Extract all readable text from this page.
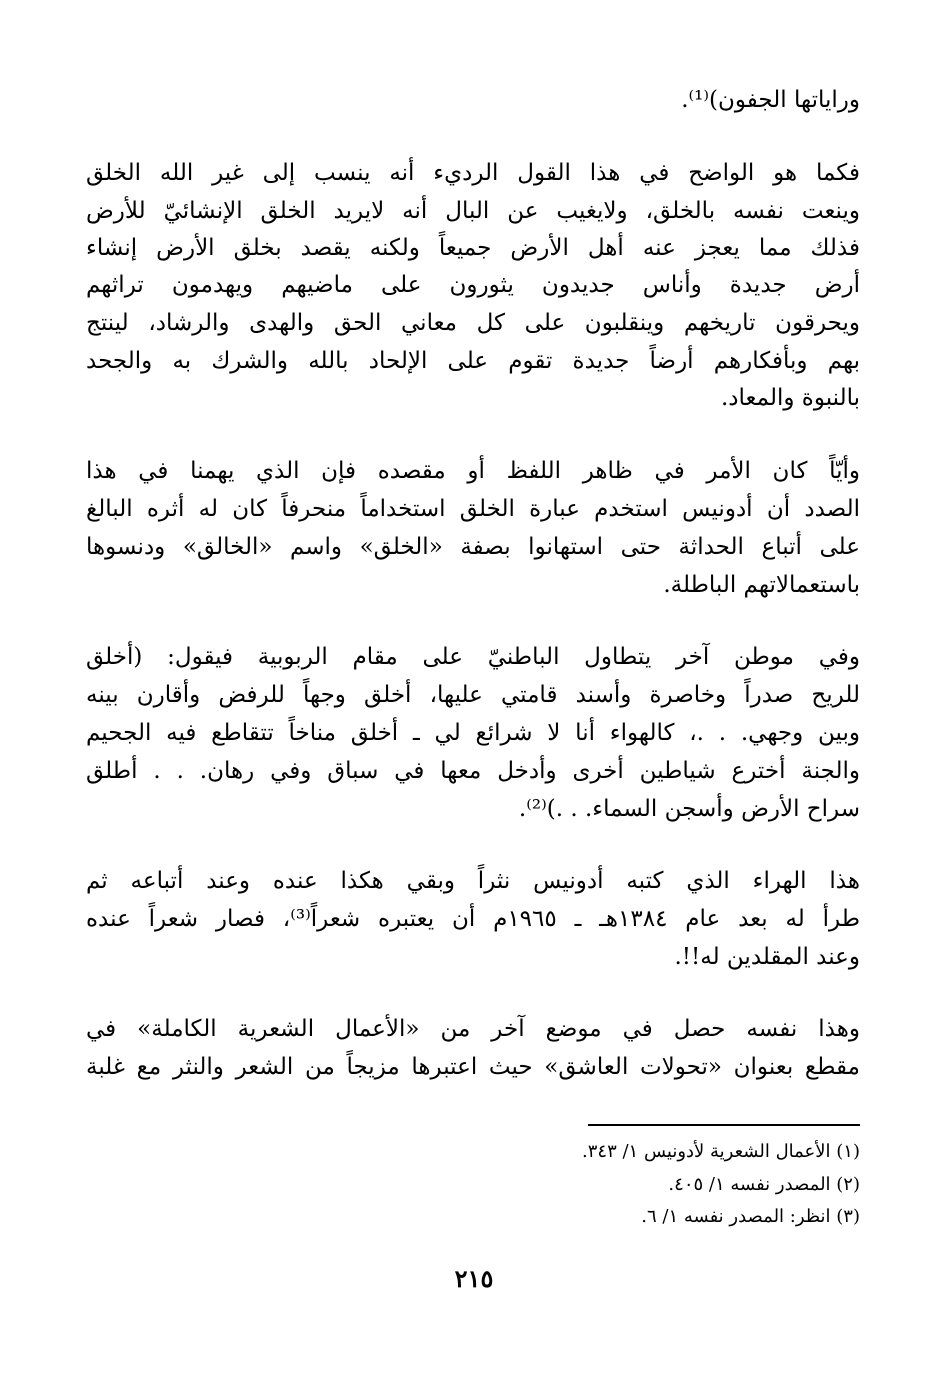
ورایاتها الجفون)⁽¹⁾.
فكما هو الواضح في هذا القول الرديء أنه ينسب إلى غير الله الخلق
وينعت نفسه بالخلق، ولايغيب عن البال أنه لايريد الخلق الإنشائيّ للأرض
فذلك مما يعجز عنه أهل الأرض جميعاً ولكنه يقصد بخلق الأرض إنشاء
أرض جديدة وأناس جديدون يثورون على ماضيهم ويهدمون تراثهم
ويحرقون تاريخهم وينقلبون على كل معاني الحق والهدى والرشاد، لينتج
بهم وبأفكارهم أرضاً جديدة تقوم على الإلحاد بالله والشرك به والجحد
بالنبوة والمعاد.
وأيّاً كان الأمر في ظاهر اللفظ أو مقصده فإن الذي يهمنا في هذا
الصدد أن أدونيس استخدم عبارة الخلق استخداماً منحرفاً كان له أثره البالغ
على أتباع الحداثة حتى استهانوا بصفة «الخلق» واسم «الخالق» ودنسوها
باستعمالاتهم الباطلة.
وفي موطن آخر يتطاول الباطنيّ على مقام الربوبية فيقول: (أخلق
للريح صدراً وخاصرة وأسند قامتي عليها، أخلق وجهاً للرفض وأقارن بينه
وبين وجهي. . .، كالهواء أنا لا شرائع لي ـ أخلق مناخاً تتقاطع فيه الجحيم
والجنة أخترع شياطين أخرى وأدخل معها في سباق وفي رهان. . . أطلق
سراح الأرض وأسجن السماء. . .)⁽²⁾.
هذا الهراء الذي كتبه أدونيس نثراً وبقي هكذا عنده وعند أتباعه ثم
طرأ له بعد عام ١٣٨٤هـ ـ ١٩٦٥م أن يعتبره شعراً⁽³⁾، فصار شعراً عنده
وعند المقلدين له!!.
وهذا نفسه حصل في موضع آخر من «الأعمال الشعرية الكاملة» في
مقطع بعنوان «تحولات العاشق» حيث اعتبرها مزيجاً من الشعر والنثر مع غلبة
(١) الأعمال الشعرية لأدونيس ١/ ٣٤٣.
(٢) المصدر نفسه ١/ ٤٠٥.
(٣) انظر: المصدر نفسه ١/ ٦.
٢١٥
